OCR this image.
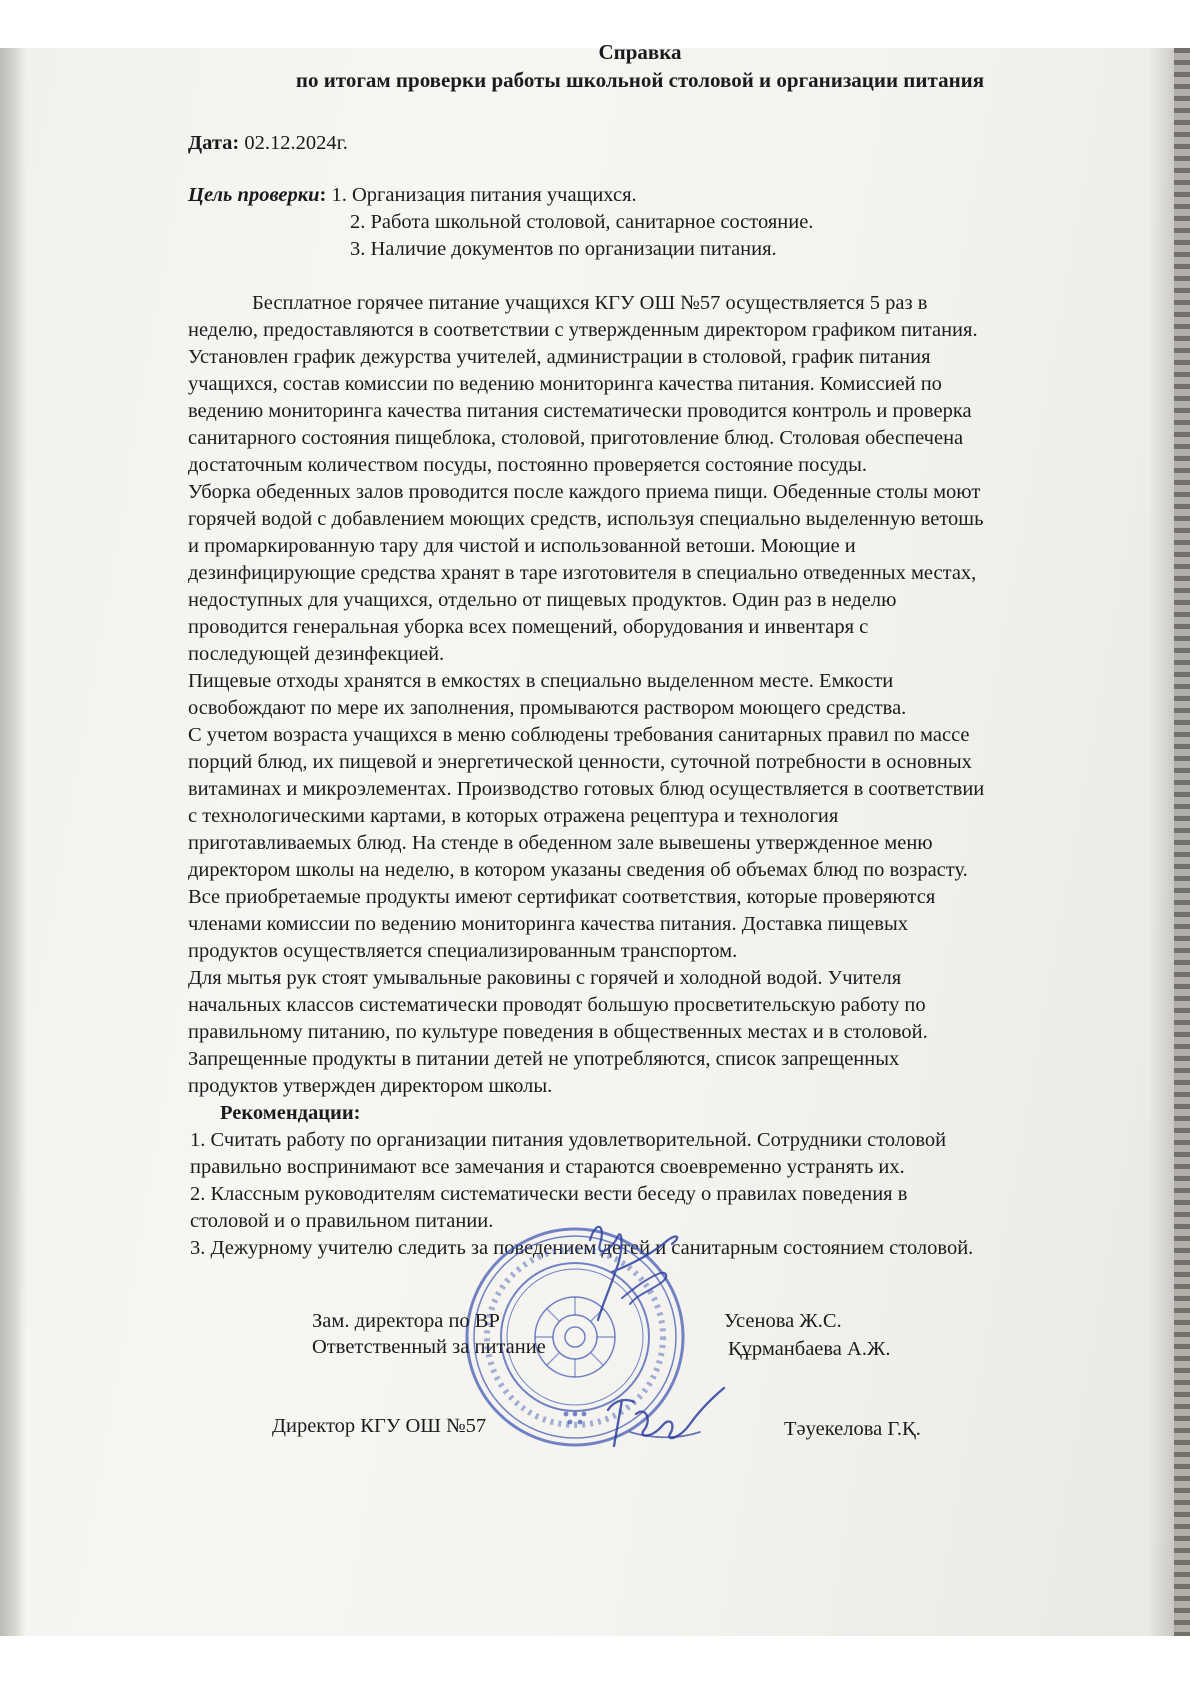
Справка
по итогам проверки работы школьной столовой и организации питания
Дата: 02.12.2024г.
Цель проверки: 1. Организация питания учащихся.
2. Работа школьной столовой, санитарное состояние.
3. Наличие документов по организации питания.
Бесплатное горячее питание учащихся КГУ ОШ №57 осуществляется 5 раз в
неделю, предоставляются в соответствии с утвержденным директором графиком питания.
Установлен график дежурства учителей, администрации в столовой, график питания
учащихся, состав комиссии по ведению мониторинга качества питания. Комиссией по
ведению мониторинга качества питания систематически проводится контроль и проверка
санитарного состояния пищеблока, столовой, приготовление блюд. Столовая обеспечена
достаточным количеством посуды, постоянно проверяется состояние посуды.
Уборка обеденных залов проводится после каждого приема пищи. Обеденные столы моют
горячей водой с добавлением моющих средств, используя специально выделенную ветошь
и промаркированную тару для чистой и использованной ветоши. Моющие и
дезинфицирующие средства хранят в таре изготовителя в специально отведенных местах,
недоступных для учащихся, отдельно от пищевых продуктов. Один раз в неделю
проводится генеральная уборка всех помещений, оборудования и инвентаря с
последующей дезинфекцией.
Пищевые отходы хранятся в емкостях в специально выделенном месте. Емкости
освобождают по мере их заполнения, промываются раствором моющего средства.
С учетом возраста учащихся в меню соблюдены требования санитарных правил по массе
порций блюд, их пищевой и энергетической ценности, суточной потребности в основных
витаминах и микроэлементах. Производство готовых блюд осуществляется в соответствии
с технологическими картами, в которых отражена рецептура и технология
приготавливаемых блюд. На стенде в обеденном зале вывешены утвержденное меню
директором школы на неделю, в котором указаны сведения об объемах блюд по возрасту.
Все приобретаемые продукты имеют сертификат соответствия, которые проверяются
членами комиссии по ведению мониторинга качества питания. Доставка пищевых
продуктов осуществляется специализированным транспортом.
Для мытья рук стоят умывальные раковины с горячей и холодной водой. Учителя
начальных классов систематически проводят большую просветительскую работу по
правильному питанию, по культуре поведения в общественных местах и в столовой.
Запрещенные продукты в питании детей не употребляются, список запрещенных
продуктов утвержден директором школы.
Рекомендации:
1. Считать работу по организации питания удовлетворительной. Сотрудники столовой
правильно воспринимают все замечания и стараются своевременно устранять их.
2. Классным руководителям систематически вести беседу о правилах поведения в
столовой и о правильном питании.
3. Дежурному учителю следить за поведением детей и санитарным состоянием столовой.
Зам. директора по ВР	Усенова Ж.С.
Ответственный за питание	Құрманбаева А.Ж.
Директор КГУ ОШ №57	Тәуекелова Г.Қ.
